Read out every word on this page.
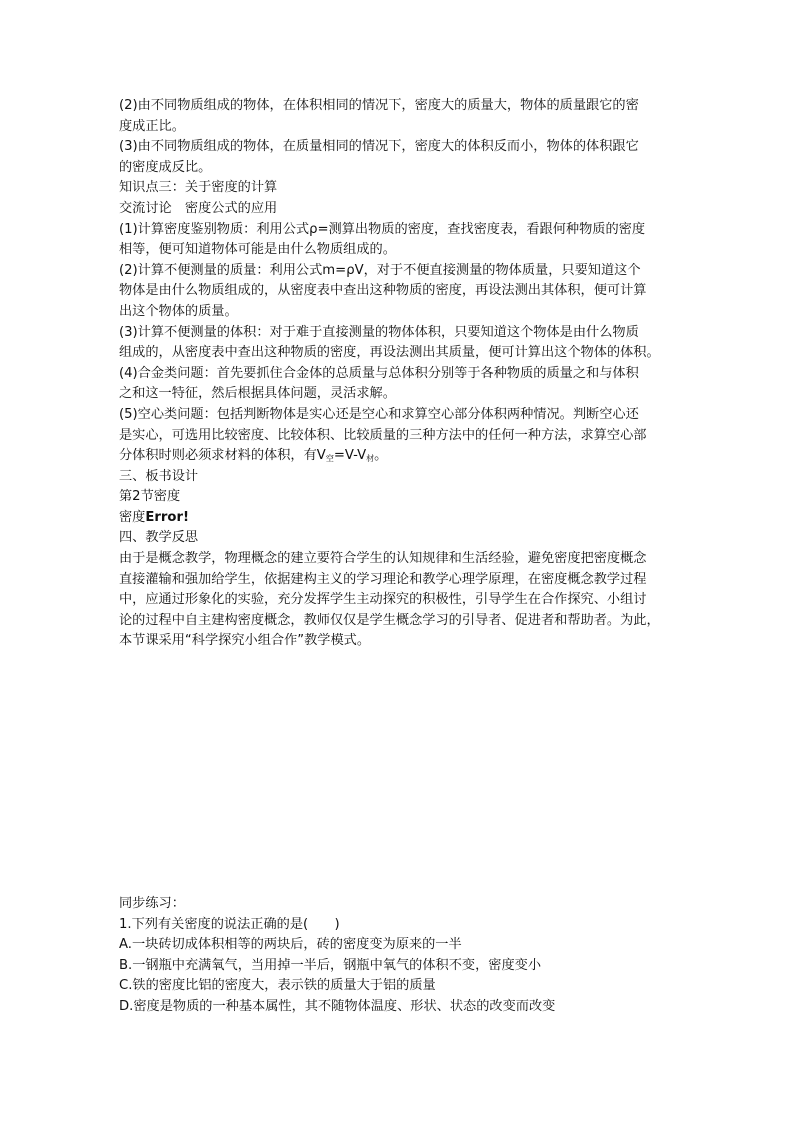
(2)由不同物质组成的物体，在体积相同的情况下，密度大的质量大，物体的质量跟它的密
度成正比。
(3)由不同物质组成的物体，在质量相同的情况下，密度大的体积反而小，物体的体积跟它
的密度成反比。
知识点三：关于密度的计算
交流讨论　密度公式的应用
(1)计算密度鉴别物质：利用公式ρ=测算出物质的密度，查找密度表，看跟何种物质的密度
相等，便可知道物体可能是由什么物质组成的。
(2)计算不便测量的质量：利用公式m=ρV，对于不便直接测量的物体质量，只要知道这个
物体是由什么物质组成的，从密度表中查出这种物质的密度，再设法测出其体积，便可计算
出这个物体的质量。
(3)计算不便测量的体积：对于难于直接测量的物体体积，只要知道这个物体是由什么物质
组成的，从密度表中查出这种物质的密度，再设法测出其质量，便可计算出这个物体的体积。
(4)合金类问题：首先要抓住合金体的总质量与总体积分别等于各种物质的质量之和与体积
之和这一特征，然后根据具体问题，灵活求解。
(5)空心类问题：包括判断物体是实心还是空心和求算空心部分体积两种情况。判断空心还
是实心，可选用比较密度、比较体积、比较质量的三种方法中的任何一种方法，求算空心部
分体积时则必须求材料的体积，有$V_空=V-V_材$。
三、板书设计
第2节密度
密度Error!
四、教学反思
由于是概念教学，物理概念的建立要符合学生的认知规律和生活经验，避免密度把密度概念
直接灌输和强加给学生，依据建构主义的学习理论和教学心理学原理，在密度概念教学过程
中，应通过形象化的实验，充分发挥学生主动探究的积极性，引导学生在合作探究、小组讨
论的过程中自主建构密度概念，教师仅仅是学生概念学习的引导者、促进者和帮助者。为此，
本节课采用“科学探究小组合作”教学模式。
同步练习：
1.下列有关密度的说法正确的是(　　)
A.一块砖切成体积相等的两块后，砖的密度变为原来的一半
B.一钢瓶中充满氧气，当用掉一半后，钢瓶中氧气的体积不变，密度变小
C.铁的密度比铝的密度大，表示铁的质量大于铝的质量
D.密度是物质的一种基本属性，其不随物体温度、形状、状态的改变而改变
